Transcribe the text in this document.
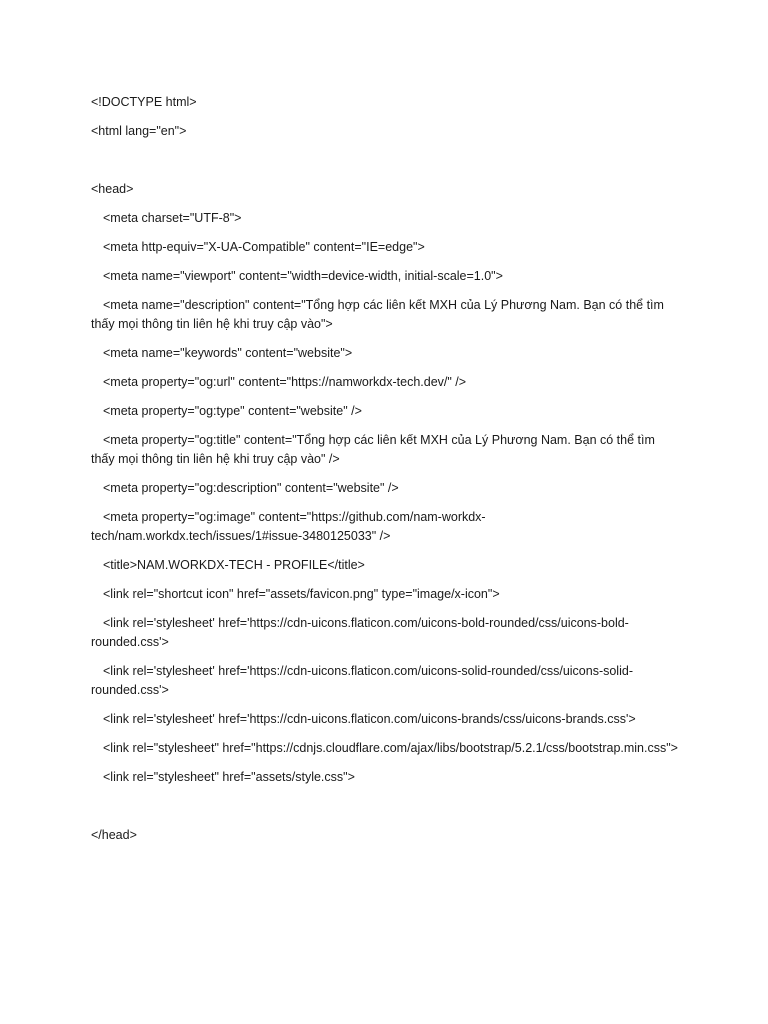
<!DOCTYPE html>

<html lang="en">

<head>

<meta charset="UTF-8">

<meta http-equiv="X-UA-Compatible" content="IE=edge">

<meta name="viewport" content="width=device-width, initial-scale=1.0">

<meta name="description" content="Tổng hợp các liên kết MXH của Lý Phương Nam. Bạn có thể tìm thấy mọi thông tin liên hệ khi truy cập vào">

<meta name="keywords" content="website">

<meta property="og:url" content="https://namworkdx-tech.dev/" />

<meta property="og:type" content="website" />

<meta property="og:title" content="Tổng hợp các liên kết MXH của Lý Phương Nam. Bạn có thể tìm thấy mọi thông tin liên hệ khi truy cập vào" />

<meta property="og:description" content="website" />

<meta property="og:image" content="https://github.com/nam-workdx-tech/nam.workdx.tech/issues/1#issue-3480125033" />

<title>NAM.WORKDX-TECH - PROFILE</title>

<link rel="shortcut icon" href="assets/favicon.png" type="image/x-icon">

<link rel='stylesheet' href='https://cdn-uicons.flaticon.com/uicons-bold-rounded/css/uicons-bold-rounded.css'>

<link rel='stylesheet' href='https://cdn-uicons.flaticon.com/uicons-solid-rounded/css/uicons-solid-rounded.css'>

<link rel='stylesheet' href='https://cdn-uicons.flaticon.com/uicons-brands/css/uicons-brands.css'>

<link rel="stylesheet" href="https://cdnjs.cloudflare.com/ajax/libs/bootstrap/5.2.1/css/bootstrap.min.css">

<link rel="stylesheet" href="assets/style.css">

</head>
